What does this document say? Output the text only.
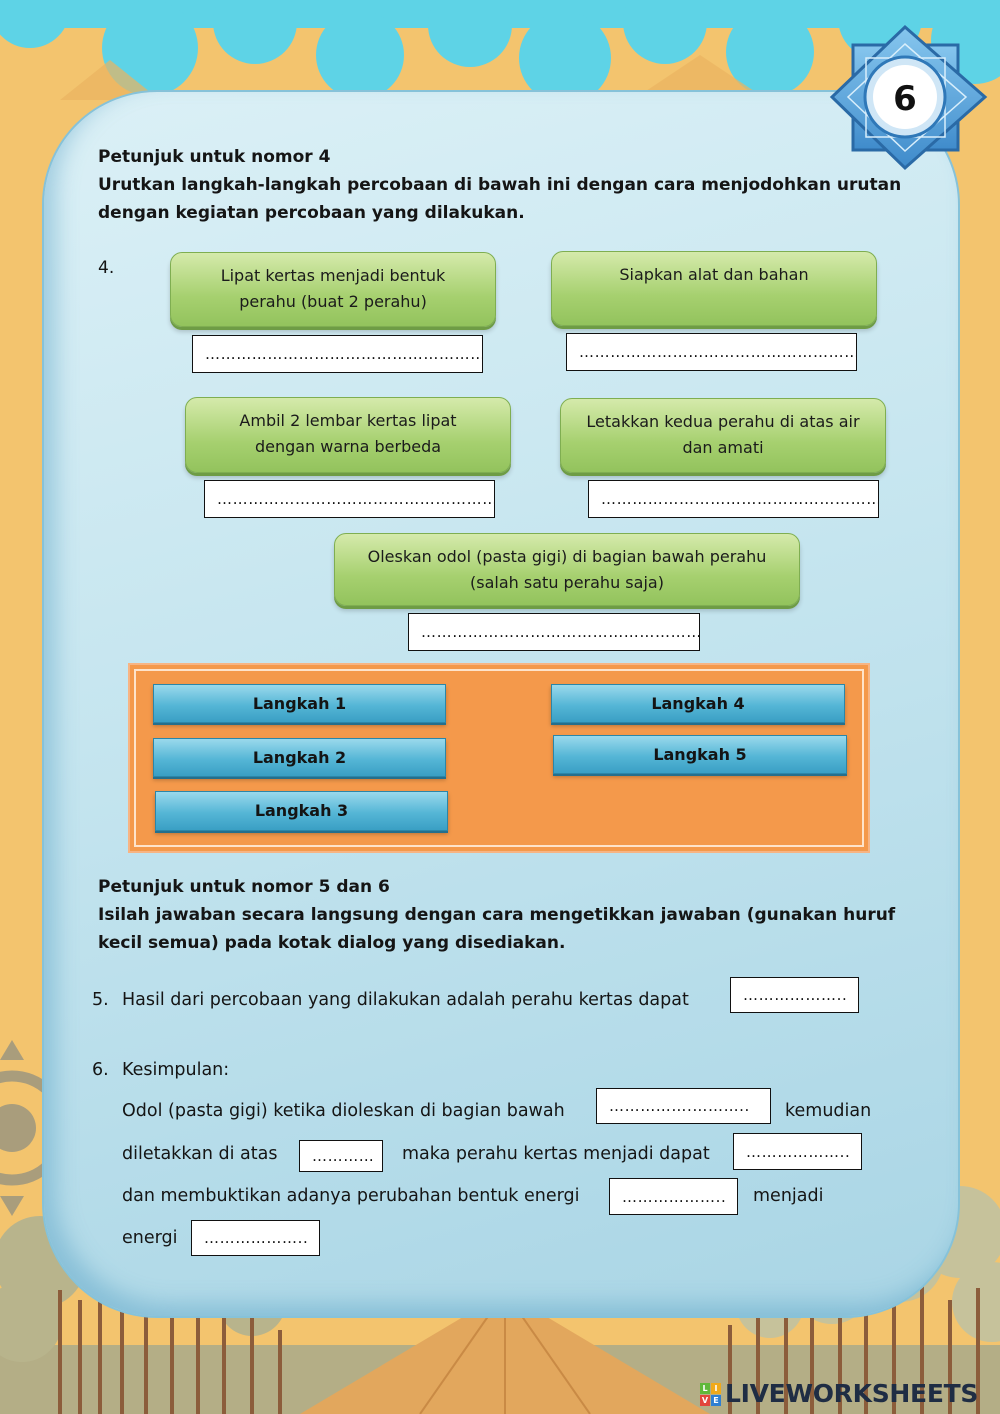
6
Petunjuk untuk nomor 4
Urutkan langkah-langkah percobaan di bawah ini dengan cara menjodohkan urutan
dengan kegiatan percobaan yang dilakukan.
4.	Lipat kertas menjadi bentuk
perahu (buat 2 perahu)
……………………………………………………..
Siapkan alat dan bahan
……………………………………………………..
Ambil 2 lembar kertas lipat
dengan warna berbeda
……………………………………………………..
Letakkan kedua perahu di atas air
dan amati
……………………………………………………..
Oleskan odol (pasta gigi) di bagian bawah perahu
(salah satu perahu saja)
……………………………………………………..
Langkah 1
Langkah 2
Langkah 3
Langkah 4
Langkah 5
Petunjuk untuk nomor 5 dan 6
Isilah jawaban secara langsung dengan cara mengetikkan jawaban (gunakan huruf
kecil semua) pada kotak dialog yang disediakan.
5. Hasil dari percobaan yang dilakukan adalah perahu kertas dapat
………………..
6. Kesimpulan:
Odol (pasta gigi) ketika dioleskan di bagian bawah
…………….………..	kemudian
diletakkan di atas
…………	maka perahu kertas menjadi dapat
………………..
dan membuktikan adanya perubahan bentuk energi
………………..	menjadi
energi
………………..
L I
V E LIVEWORKSHEETS
